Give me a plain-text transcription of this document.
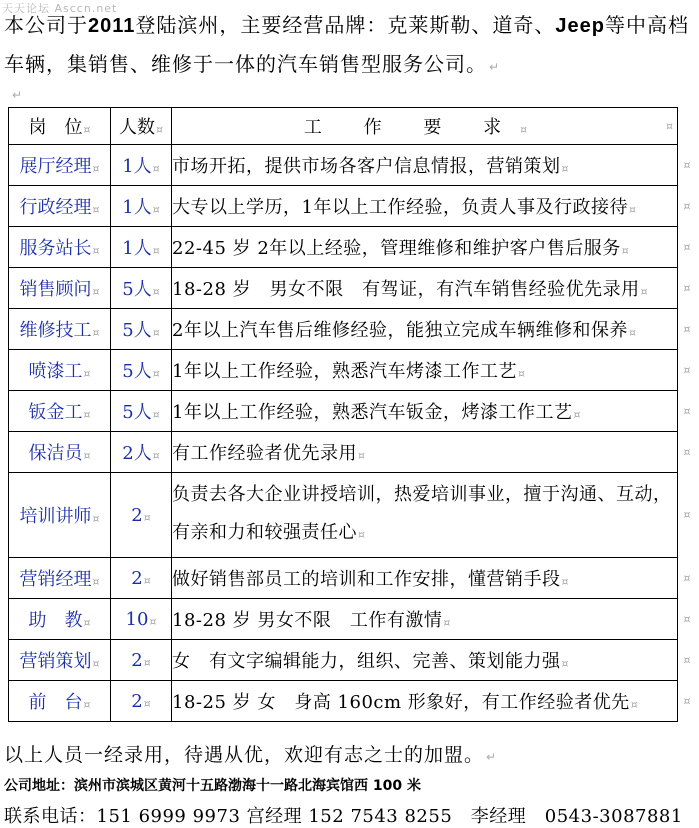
天天论坛 Asccn.net
本公司于2011登陆滨州，主要经营品牌：克莱斯勒、道奇、Jeep等中高档车辆，集销售、维修于一体的汽车销售型服务公司。 ↵
↵
岗　位¤	人数¤	工 作 要 求¤ ¤

展厅经理¤	1人¤	市场开拓，提供市场各客户信息情报，营销策划¤ ¤

行政经理¤	1人¤	大专以上学历，1年以上工作经验，负责人事及行政接待¤ ¤

服务站长¤	1人¤	22-45 岁 2年以上经验，管理维修和维护客户售后服务¤ ¤

销售顾问¤	5人¤	18-28 岁　男女不限　有驾证，有汽车销售经验优先录用¤ ¤

维修技工¤	5人¤	2年以上汽车售后维修经验，能独立完成车辆维修和保养¤ ¤

喷漆工¤	5人¤	1年以上工作经验，熟悉汽车烤漆工作工艺¤ ¤

钣金工¤	5人¤	1年以上工作经验，熟悉汽车钣金，烤漆工作工艺¤ ¤

保洁员¤	2人¤	有工作经验者优先录用¤ ¤

培训讲师¤	2¤	负责去各大企业讲授培训，热爱培训事业，擅于沟通、互动，有亲和力和较强责任心¤
¤

营销经理¤	2¤	做好销售部员工的培训和工作安排，懂营销手段¤ ¤

助　教¤	10¤	18-28 岁 男女不限　工作有激情¤ ¤

营销策划¤	2¤	女　有文字编辑能力，组织、完善、策划能力强¤ ¤

前　台¤	2¤	18-25 岁 女　身高 160cm 形象好，有工作经验者优先¤ ¤
以上人员一经录用，待遇从优，欢迎有志之士的加盟。 ↵
公司地址：滨州市滨城区黄河十五路渤海十一路北海宾馆西 100 米
联系电话：151 6999 9973 宫经理 152 7543 8255　李经理　0543-3087881
